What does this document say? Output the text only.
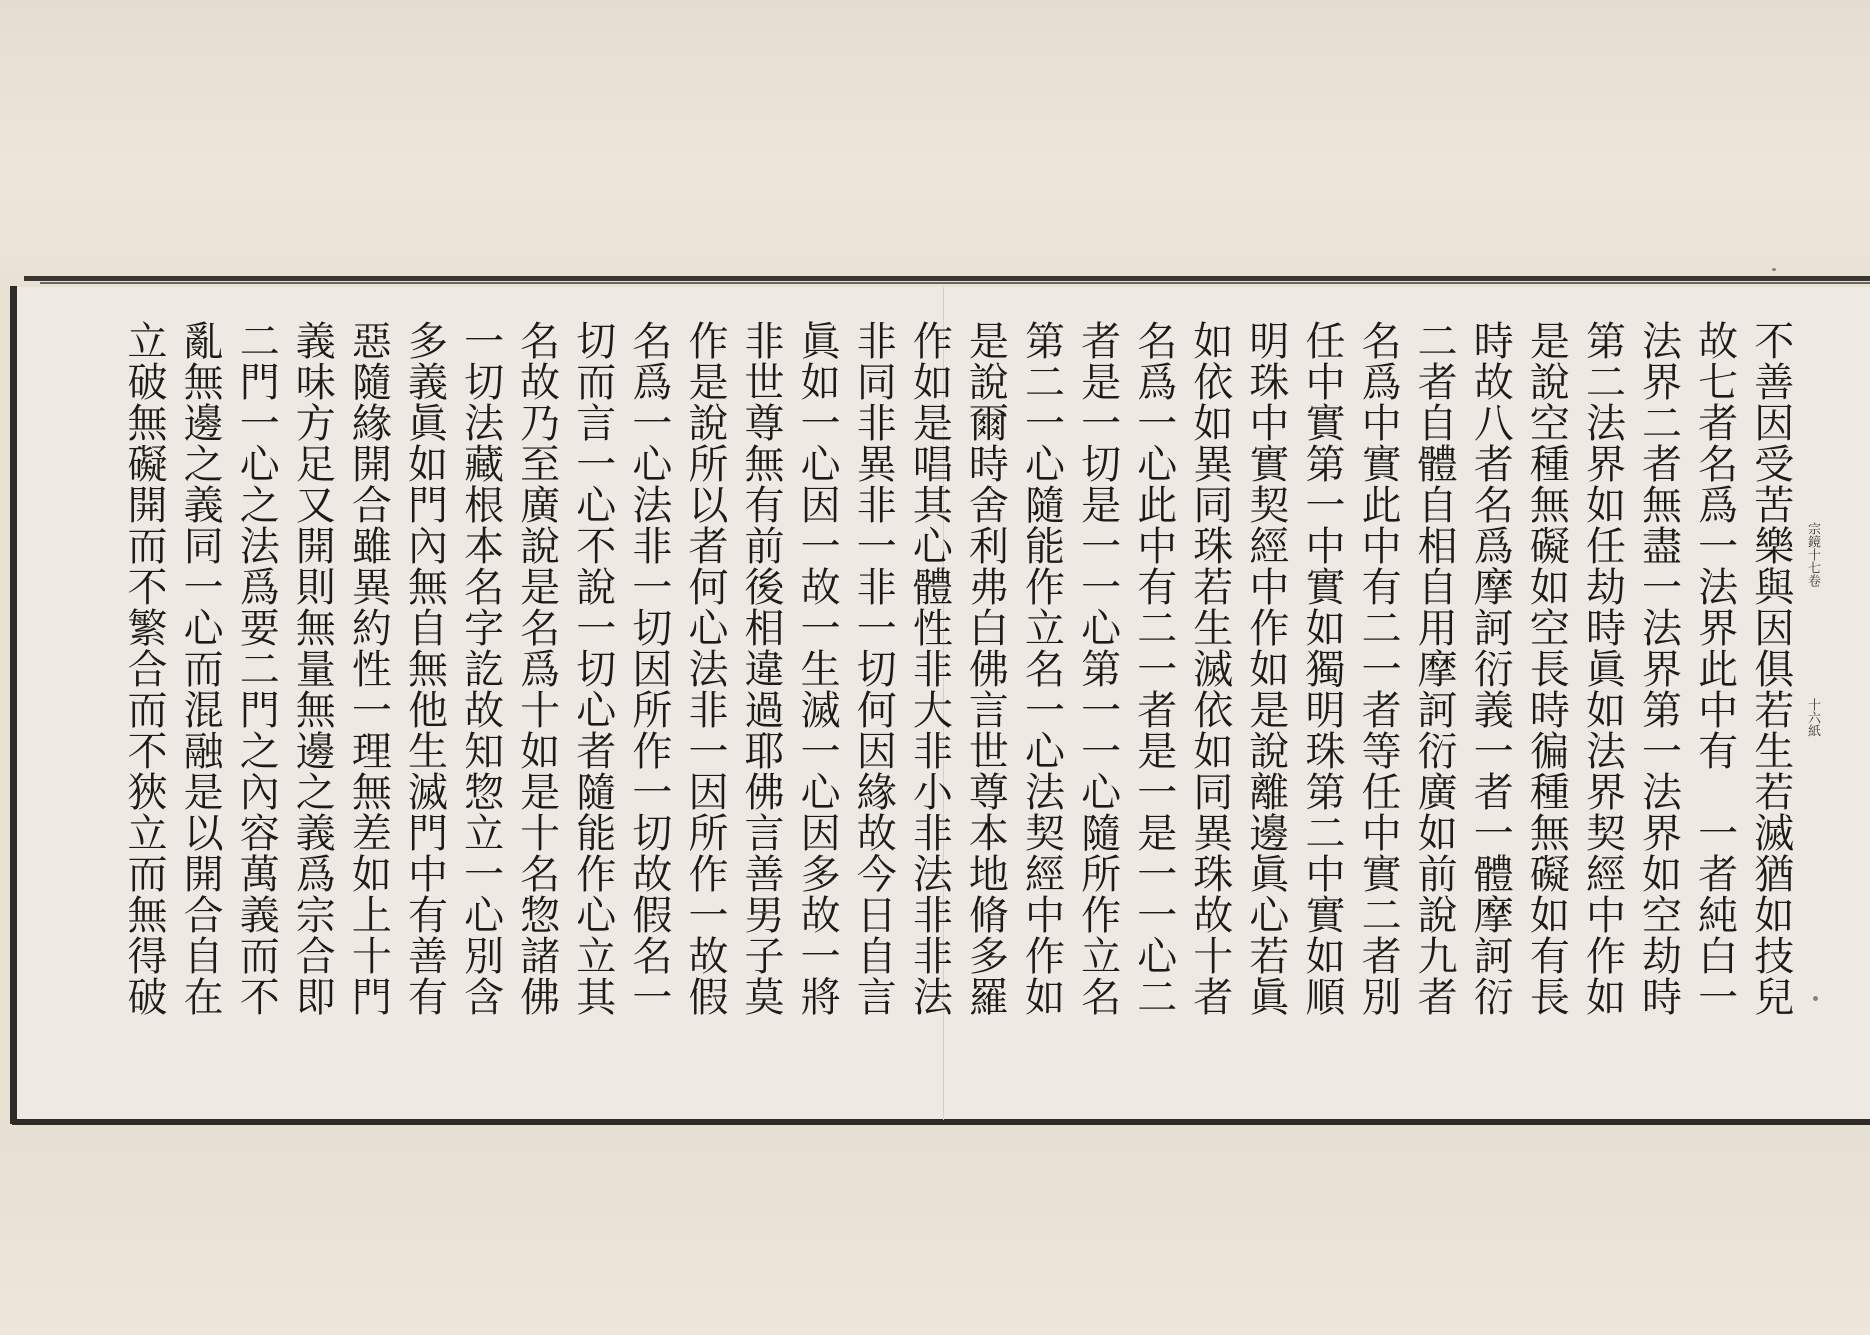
宗鏡十七卷
十六紙
不善因受苦樂與因俱若生若滅猶如技兒
故七者名爲一法界此中有　一者純白一
法界二者無盡一法界第一法界如空劫時
第二法界如任劫時眞如法界契經中作如
是說空種無礙如空長時徧種無礙如有長
時故八者名爲摩訶衍義一者一體摩訶衍
二者自體自相自用摩訶衍廣如前說九者
名爲中實此中有二一者等任中實二者別
任中實第一中實如獨明珠第二中實如順
明珠中實契經中作如是說離邊眞心若眞
如依如異同珠若生滅依如同異珠故十者
名爲一心此中有二一者是一是一一心二
者是一切是一一心第一一心隨所作立名
第二一心隨能作立名一心法契經中作如
是說爾時舍利弗白佛言世尊本地脩多羅
作如是唱其心體性非大非小非法非非法
非同非異非一非一切何因緣故今日自言
眞如一心因一故一生滅一心因多故一將
非世尊無有前後相違過耶佛言善男子莫
作是說所以者何心法非一因所作一故假
名爲一心法非一切因所作一切故假名一
切而言一心不說一切心者隨能作心立其
名故乃至廣說是名爲十如是十名惣諸佛
一切法藏根本名字訖故知惣立一心別含
多義眞如門內無自無他生滅門中有善有
惡隨緣開合雖異約性一理無差如上十門
義味方足又開則無量無邊之義爲宗合即
二門一心之法爲要二門之內容萬義而不
亂無邊之義同一心而混融是以開合自在
立破無礙開而不繁合而不狹立而無得破
